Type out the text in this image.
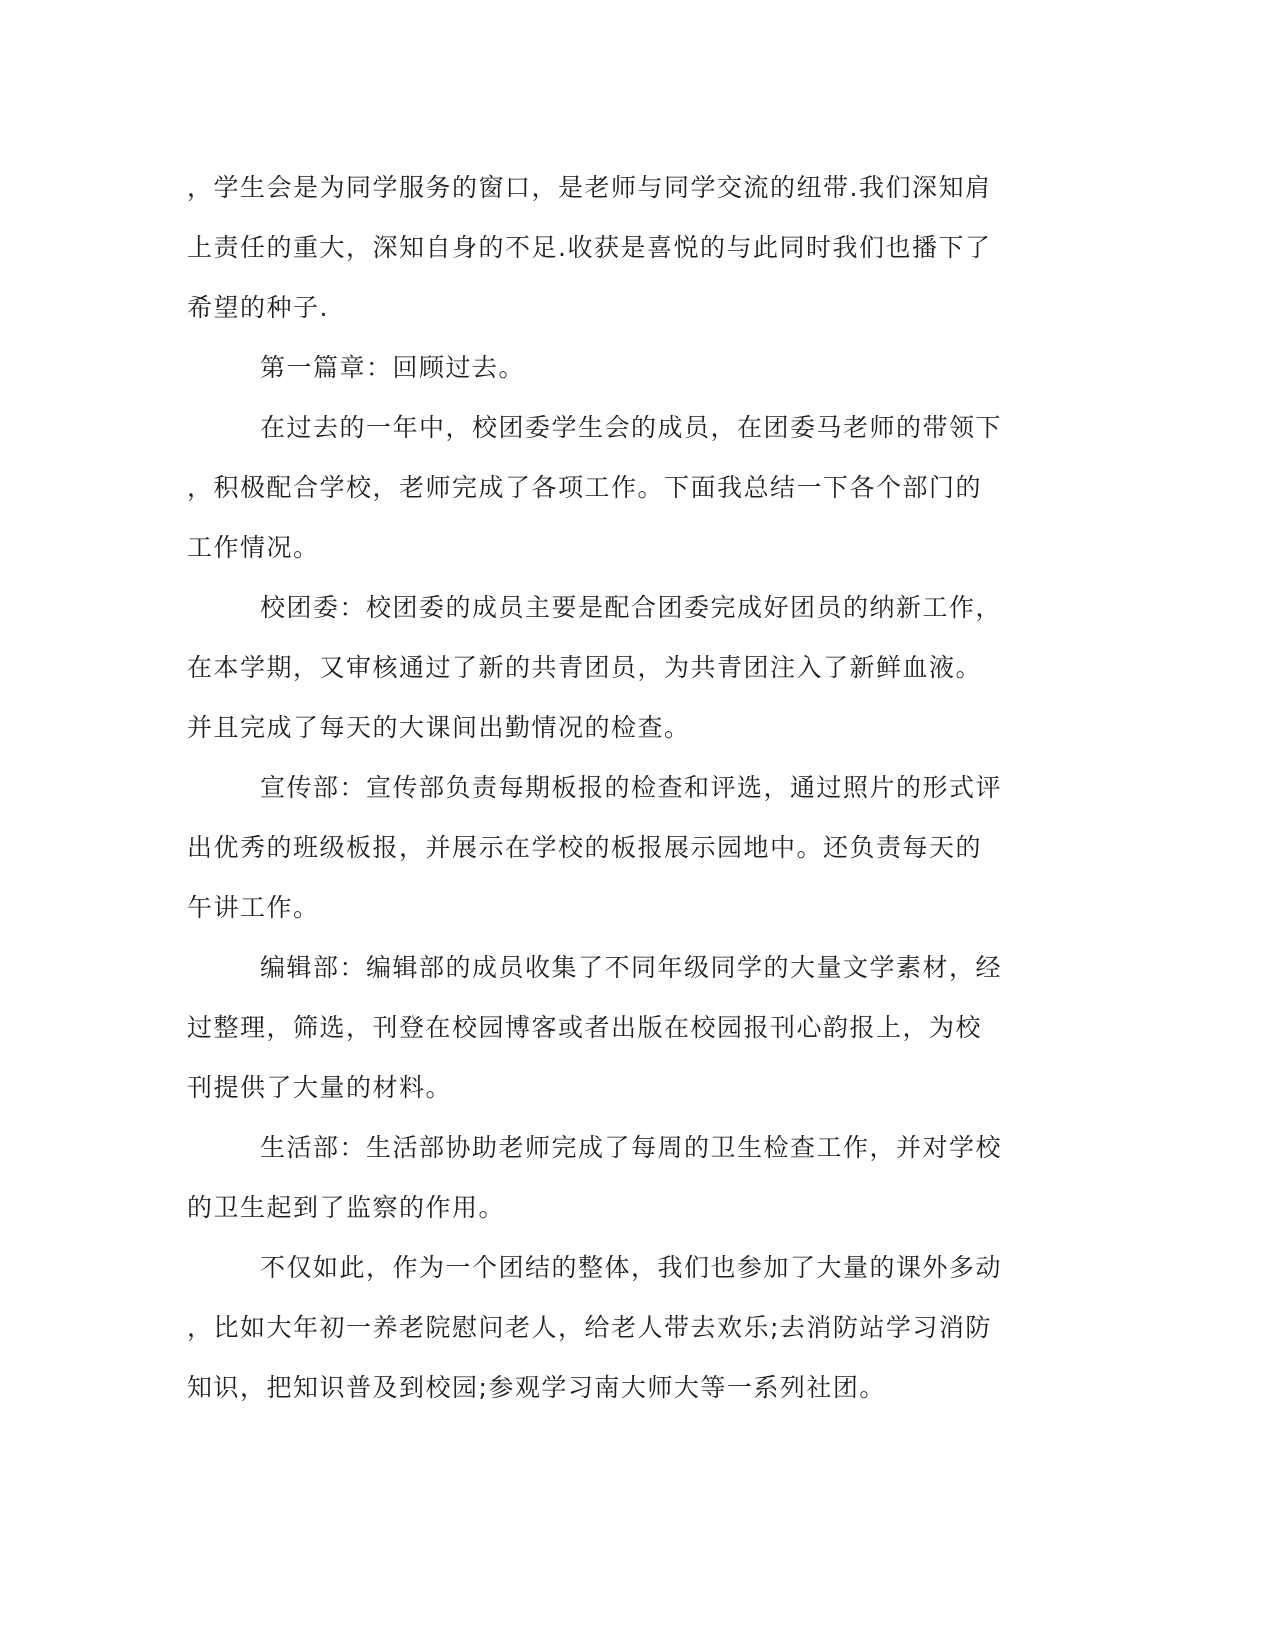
，学生会是为同学服务的窗口，是老师与同学交流的纽带.我们深知肩
上责任的重大，深知自身的不足.收获是喜悦的与此同时我们也播下了
希望的种子.

第一篇章：回顾过去。

在过去的一年中，校团委学生会的成员，在团委马老师的带领下
，积极配合学校，老师完成了各项工作。下面我总结一下各个部门的
工作情况。

校团委：校团委的成员主要是配合团委完成好团员的纳新工作，
在本学期，又审核通过了新的共青团员，为共青团注入了新鲜血液。
并且完成了每天的大课间出勤情况的检查。

宣传部：宣传部负责每期板报的检查和评选，通过照片的形式评
出优秀的班级板报，并展示在学校的板报展示园地中。还负责每天的
午讲工作。

编辑部：编辑部的成员收集了不同年级同学的大量文学素材，经
过整理，筛选，刊登在校园博客或者出版在校园报刊心韵报上，为校
刊提供了大量的材料。

生活部：生活部协助老师完成了每周的卫生检查工作，并对学校
的卫生起到了监察的作用。

不仅如此，作为一个团结的整体，我们也参加了大量的课外多动
，比如大年初一养老院慰问老人，给老人带去欢乐;去消防站学习消防
知识，把知识普及到校园;参观学习南大师大等一系列社团。
